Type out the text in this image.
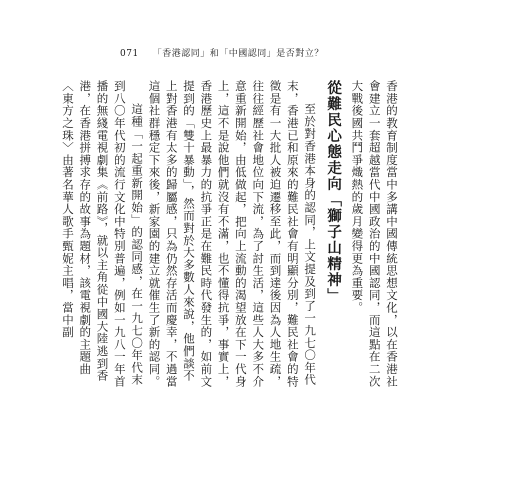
071 「香港認同」和「中國認同」是否對立？

香港的教育制度當中多講中國傳統思想文化，以在香港社會建立一套超越當代中國政治的中國認同，而這點在二次大戰後國共鬥爭熾熱的歲月變得更為重要。

從難民心態走向「獅子山精神」

至於對香港本身的認同，上文提及到了一九七〇年代末，香港已和原來的難民社會有明顯分別，難民社會的特徵是有一大批人被迫遷移至此，而到達後因為人地生疏，往往經歷社會地位向下流，為了討生活，這些人大多不介意重新開始，由低做起，把向上流動的渴望放在下一代身上，這不是說他們就沒有不滿，也不懂得抗爭，事實上，香港歷史上最暴力的抗爭正是在難民時代發生的，如前文提到的「雙十暴動」，然而對於大多數人來說，他們談不上對香港有太多的歸屬感，只為仍然存活而慶幸，不過當這個社群穩定下來後，新家園的建立就催生了新的認同。

這種「一起重新開始」的認同感，在一九七〇年代末到八〇年代初的流行文化中特別普遍，例如一九八一年首播的無綫電視劇集《前路》，就以主角從中國大陸逃到香港，在香港拼搏求存的故事為題材，該電視劇的主題曲〈東方之珠〉由著名華人歌手甄妮主唱，當中副
